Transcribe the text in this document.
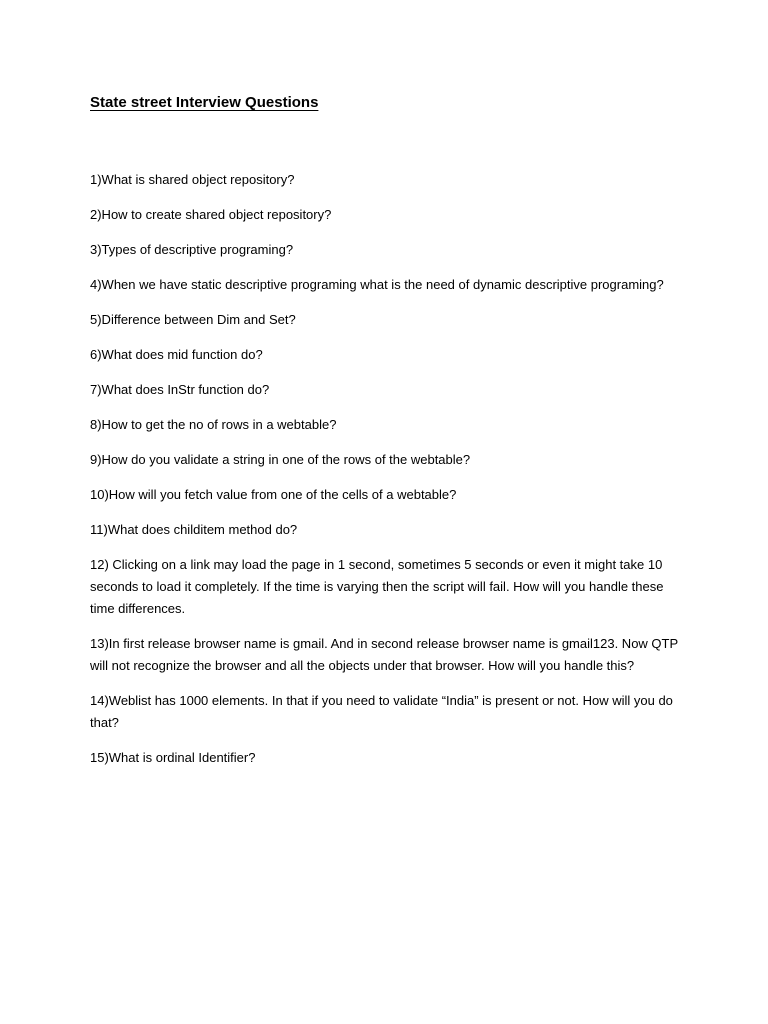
State street Interview Questions
1)What is shared object repository?
2)How to create shared object repository?
3)Types of descriptive programing?
4)When we have static descriptive programing what is the need of dynamic descriptive programing?
5)Difference between Dim and Set?
6)What does mid function do?
7)What does InStr function do?
8)How to get the no of rows in a webtable?
9)How do you validate a string in one of the rows of the webtable?
10)How will you fetch value from one of the cells of a webtable?
11)What does childitem method do?
12) Clicking on a link may load the page in 1 second, sometimes 5 seconds or even it might take 10 seconds to load it completely. If the time is varying then the script will fail. How will you handle these time differences.
13)In first release browser name is gmail. And in second release browser name is gmail123. Now QTP will not recognize the browser and all the objects under that browser. How will you handle this?
14)Weblist has 1000 elements. In that if you need to validate “India” is present or not. How will you do that?
15)What is ordinal Identifier?
